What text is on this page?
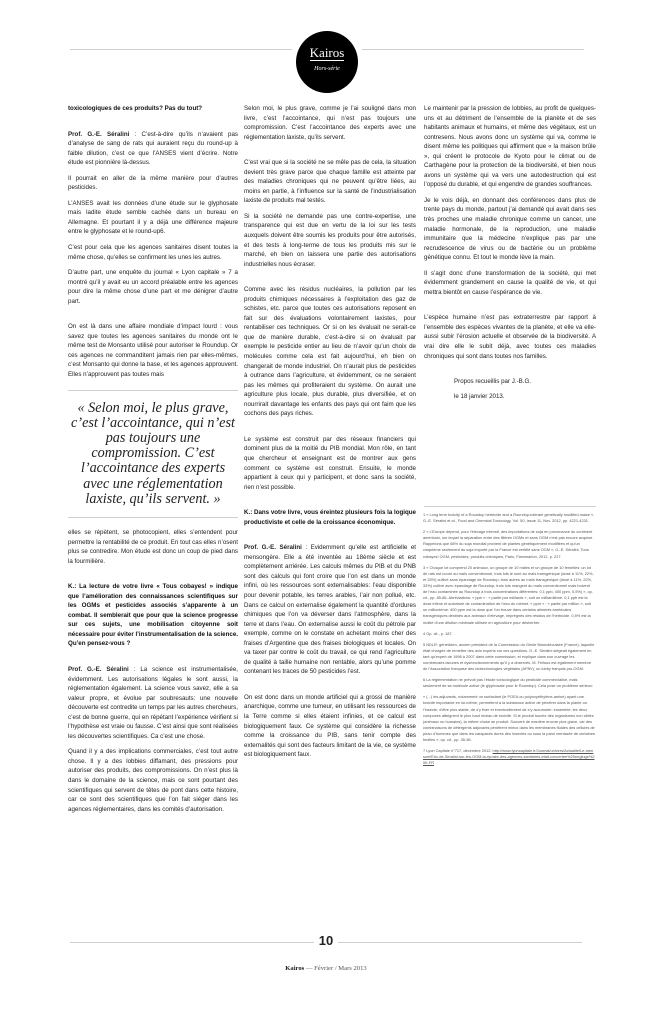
Kairos
Hors-série

toxicologiques de ces produits? Pas du tout?

Prof. G.-E. Séralini : C’est-à-dire qu’ils n’avaient pas d’analyse de sang de rats qui auraient reçu du round-up à faible dilution, c’est ce que l’ANSES vient d’écrire. Notre étude est pionnière là-dessus.

Il pourrait en aller de la même manière pour d’autres pesticides.

L’ANSES avait les données d’une étude sur le glyphosate mais ladite étude semble cachée dans un bureau en Allemagne. Et pourtant il y a déjà une différence majeure entre le glyphosate et le round-up6.

C’est pour cela que les agences sanitaires disent toutes la même chose, qu’elles se confirment les unes les autres.

D’autre part, une enquête du journal « Lyon capitale » 7 a montré qu’il y avait eu un accord préalable entre les agences pour dire la même chose d’une part et me dénigrer d’autre part.

On est là dans une affaire mondiale d’impact lourd : vous savez que toutes les agences sanitaires du monde ont le même test de Monsanto utilisé pour autoriser le Roundup. Or ces agences ne commanditent jamais rien par elles-mêmes, c’est Monsanto qui donne la base, et les agences approuvent. Elles n’approuvent pas toutes mais

« Selon moi, le plus grave, c’est l’accointance, qui n’est pas toujours une compromission. C’est l’accointance des experts avec une réglementation laxiste, qu’ils servent. »

elles se répètent, se photocopient, elles s’entendent pour permettre la rentabilité de ce produit. En tout cas elles n’osent plus se contredire. Mon étude est donc un coup de pied dans la fourmilière.

K.: La lecture de votre livre « Tous cobayes! » indique que l’amélioration des connaissances scientifiques sur les OGMs et pesticides associés s’apparente à un combat. Il semblerait que pour que la science progresse sur ces sujets, une mobilisation citoyenne soit nécessaire pour éviter l’instrumentalisation de la science. Qu’en pensez-vous ?

Prof. G.-E. Séralini : La science est instrumentalisée, évidemment. Les autorisations légales le sont aussi, la réglementation également. La science vous savez, elle a sa valeur propre, et évolue par soubresauts: une nouvelle découverte est contredite un temps par les autres chercheurs, c’est de bonne guerre, qui en répétant l’expérience vérifient si l’hypothèse est vraie ou fausse. C’est ainsi que sont réalisées les découvertes scientifiques. Ca c’est une chose.

Quand il y a des implications commerciales, c’est tout autre chose. Il y a des lobbies diffamant, des pressions pour autoriser des produits, des compromissions. On n’est plus là dans le domaine de la science, mais ce sont pourtant des scientifiques qui servent de têtes de pont dans cette histoire, car ce sont des scientifiques que l’on fait siéger dans les agences réglementaires, dans les comités d’autorisation.

Selon moi, le plus grave, comme je l’ai souligné dans mon livre, c’est l’accointance, qui n’est pas toujours une compromission. C’est l’accointance des experts avec une réglementation laxiste, qu’ils servent.

C’est vrai que si la société ne se mêle pas de cela, la situation devient très grave parce que chaque famille est atteinte par des maladies chroniques qui ne peuvent qu’être liées, au moins en partie, à l’influence sur la santé de l’industrialisation laxiste de produits mal testés.

Si la société ne demande pas une contre-expertise, une transparence qui est due en vertu de la loi sur les tests auxquels doivent être soumis les produits pour être autorisés, et des tests à long-terme de tous les produits mis sur le marché, eh bien on laissera une partie des autorisations industrielles nous écraser.

Comme avec les résidus nucléaires, la pollution par les produits chimiques nécessaires à l’exploitation des gaz de schistes, etc. parce que toutes ces autorisations reposent en fait sur des évaluations volontairement laxistes, pour rentabiliser ces techniques. Or si on les évaluait ne serait-ce que de manière durable, c’est-à-dire si on évaluait par exemple le pesticide entier au lieu de n’avoir qu’un choix de molécules comme cela est fait aujourd’hui, eh bien on changerait de monde industriel. On n’aurait plus de pesticides à outrance dans l’agriculture, et évidemment, ce ne seraient pas les mêmes qui profiteraient du système. On aurait une agriculture plus locale, plus durable, plus diversifiée, et on nourrirait davantage les enfants des pays qui ont faim que les cochons des pays riches.

Le système est construit par des réseaux financiers qui dominent plus de la moitié du PIB mondial. Mon rôle, en tant que chercheur et enseignant est de montrer aux gens comment ce système est construit. Ensuite, le monde appartient à ceux qui y participent, et donc sans la société, rien n’est possible.

K.: Dans votre livre, vous éreintez plusieurs fois la logique productiviste et celle de la croissance économique.

Prof. G.-E. Séralini : Evidemment qu’elle est artificielle et mensongère. Elle a été inventée au 18ème siècle et est complètement arriérée. Les calculs mêmes du PIB et du PNB sont des calculs qui font croire que l’on est dans un monde infini, où les ressources sont externalisables: l’eau disponible pour devenir potable, les terres arables, l’air non pollué, etc. Dans ce calcul on externalise également la quantité d’ordures chimiques que l’on va déverser dans l’atmosphère, dans la terre et dans l’eau. On externalise aussi le coût du pétrole par exemple, comme on le constate en achetant moins cher des fraises d’Argentine que des fraises biologiques et locales. On va taxer par contre le coût du travail, ce qui rend l’agriculture de qualité à taille humaine non rentable, alors qu’une pomme contenant les traces de 50 pesticides l’est.

On est donc dans un monde artificiel qui a grossi de manière anarchique, comme une tumeur, en utilisant les ressources de la Terre comme si elles étaient infinies, et ce calcul est biologiquement faux. Ce système qui considère la richesse comme la croissance du PIB, sans tenir compte des externalités qui sont des facteurs limitant de la vie, ce système est biologiquement faux.

Le maintenir par la pression de lobbies, au profit de quelques-uns et au détriment de l’ensemble de la planète et de ses habitants animaux et humains, et même des végétaux, est un contresens. Nous avons donc un système qui va, comme le disent même les politiques qui affirment que « la maison brûle », qui créent le protocole de Kyoto pour le climat ou de Carthagène pour la protection de la biodiversité, et bien nous avons un système qui va vers une autodestruction qui est l’opposé du durable, et qui engendre de grandes souffrances.

Je le vois déjà, en donnant des conférences dans plus de trente pays du monde, partout j’ai demandé qui avait dans ses très proches une maladie chronique comme un cancer, une maladie hormonale, de la reproduction, une maladie immunitaire que la médecine n’explique pas par une recrudescence de virus ou de bactérie ou un problème génétique connu. Et tout le monde lève la main.

Il s’agit donc d’une transformation de la société, qui met évidemment grandement en cause la qualité de vie, et qui mettra bientôt en cause l’espérance de vie.

L’espèce humaine n’est pas extraterrestre par rapport à l’ensemble des espèces vivantes de la planète, et elle va elle-aussi subir l’érosion actuelle et observée de la biodiversité. A vrai dire elle le subit déjà, avec toutes ces maladies chroniques qui sont dans toutes nos familles.

Propos recueillis par J.-B.G.

le 18 janvier 2013.

1 « Long term toxicity of a Roundup herbicide and a Roundup-tolerant genetically modified maize », G.-E. Séralini et al., Food and Chemical Toxicology, Vol. 50, Issue 11, Nov. 2012, pp. 4221-4231.

2 « L’Europe dépend, pour l’élevage intensif, des importations de soja en provenance du continent américain, sur lequel la séparation entre des filières OGMs et sans OGM n’est pas encore acquise. Rappelons que 68% du soja mondial provient de plantes génétiquement modifiées et qu’un cinquième seulement du soja importé par la France est certifié sans OGM », G.-E. Séralini, Tous cobayes! OGM, pesticides, produits chimiques, Paris, Flammarion, 2012, p. 227.

3 « Chaque lot comprend 20 animaux, un groupe de 10 mâles et un groupe de 10 femelles: un lot de rats est nourri au maïs conventionnel, trois lots le sont au maïs transgénique (dosé à 11%, 22%, et 33%) cultivé sans épandage de Roundup; trois autres au maïs transgénique (dosé à 11%, 22%, 33%) cultivé avec épandage de Roundup; trois lots mangent du maïs conventionnel mais boivent de l’eau contaminée au Roundup à trois concentrations différentes: 0,1 ppb, 400 ppm, 0,5%) », op. cit., pp. 85-86. Abréviations: « ppb » : « partie par milliards », soit un milliardième. 0,1 ppb est la dose infime et autorisée de contamination de l’eau du robinet. « ppm » : « partie par million », soit un millionième. 400 ppm est la dose que l’on trouve dans certains aliments américains transgéniques destinés aux animaux d’élevage, imprégnés des résidus de l’herbicide. 0,5% est la moitié d’une dilution minimale utilisée en agriculture pour désherber.

4 Op. cit., p. 187.

5 NDLR: généticien, ancien président de la Commission du Génie Biomoléculaire (France), laquelle était chargée de remettre des avis experts sur ces questions. G.-E. Séralini siégeait également en tant qu’expert de 1998 à 2007 dans cette commission, et explique dans son ouvrage les nombreuses lacunes et dysfonctionnements qu’il y a observés. M. Fellous est également membre de l’Association française des biotechnologies végétales (AFBV), un lobby français pro-OGM.

6 La réglementation ne prévoit pas l’étude toxicologique du pesticide commercialisé, mais seulement de sa molécule active (le glyphosate pour le Roundup). Cela pose un problème sérieux:

« (...) les adjuvants, notamment un surfactant (le POEA ou polyoxyéthylène-amine) ayant une toxicité importante en lui-même, permettent à la substance active de pénétrer dans la plante ou l’insecte, d’être plus stable, de s’y fixer et éventuellement de s’y accumuler: ensemble, les deux composés atteignent le plus haut niveau de toxicité. Si le produit touche des organismes non ciblés (animaux ou humains), la même chose se produit. Souvent de manière encore plus grave, car des combinaisons de détergents adjuvants pénètrent mieux dans les membranes fluides des cellules de peau d’hommes que dans les carapaces dures des insectes ou sous la paroi vernissée de certaines feuilles », op. cit., pp. 35-36.

7 Lyon Capitale n°717, décembre 2012: http://www.lyoncapitale.fr/Journal/univers/Actualite/Le-mensuel/Eric-de-Seralini-sur-les-OGM-la-riposte-des-agences-sanitaires-etait-concertee%20engluge%20fr-FR

10
Kairos — Février / Mars 2013
